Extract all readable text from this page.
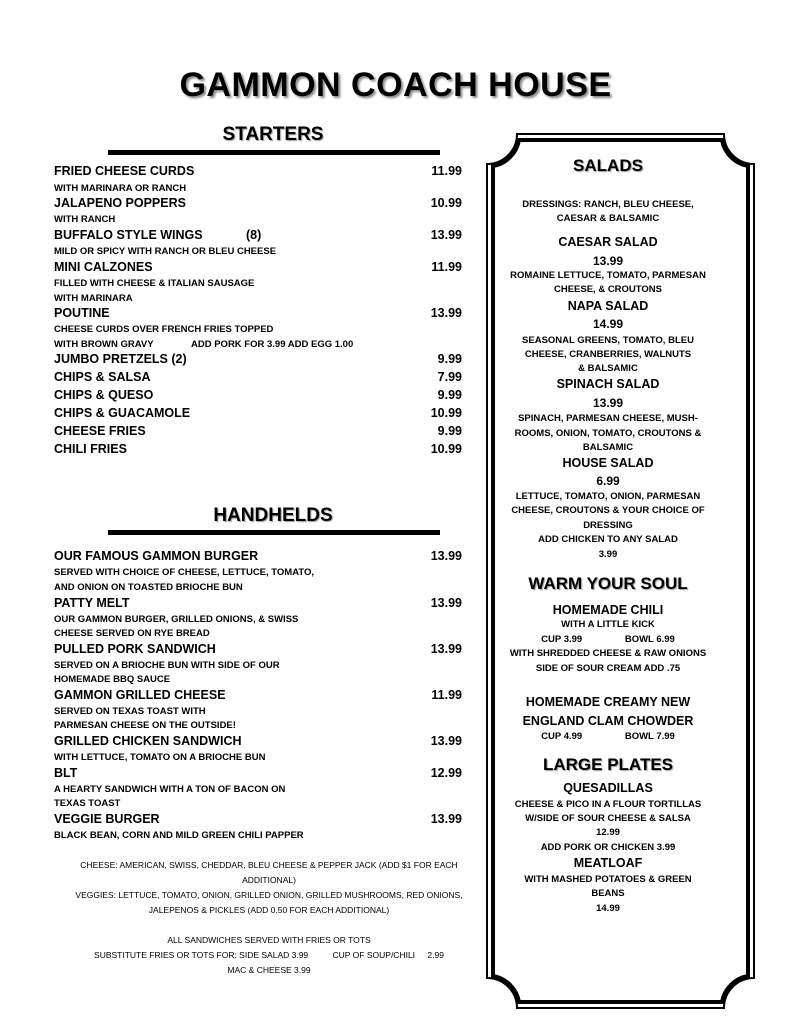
GAMMON COACH HOUSE
STARTERS
FRIED CHEESE CURDS	11.99
WITH MARINARA OR RANCH
JALAPENO POPPERS	10.99
WITH RANCH
BUFFALO STYLE WINGS	(8)	13.99
MILD OR SPICY WITH RANCH OR BLEU CHEESE
MINI CALZONES	11.99
FILLED WITH CHEESE & ITALIAN SAUSAGE
WITH MARINARA
POUTINE	13.99
CHEESE CURDS OVER FRENCH FRIES TOPPED
WITH BROWN GRAVY	ADD PORK FOR 3.99 ADD EGG 1.00
JUMBO PRETZELS (2)	9.99
CHIPS & SALSA	7.99
CHIPS & QUESO	9.99
CHIPS & GUACAMOLE	10.99
CHEESE FRIES	9.99
CHILI FRIES	10.99
HANDHELDS
OUR FAMOUS GAMMON BURGER	13.99
SERVED WITH CHOICE OF CHEESE, LETTUCE, TOMATO,
AND ONION ON TOASTED BRIOCHE BUN
PATTY MELT	13.99
OUR GAMMON BURGER, GRILLED ONIONS, & SWISS
CHEESE SERVED ON RYE BREAD
PULLED PORK SANDWICH	13.99
SERVED ON A BRIOCHE BUN WITH SIDE OF OUR
HOMEMADE BBQ SAUCE
GAMMON GRILLED CHEESE	11.99
SERVED ON TEXAS TOAST WITH
PARMESAN CHEESE ON THE OUTSIDE!
GRILLED CHICKEN SANDWICH	13.99
WITH LETTUCE, TOMATO ON A BRIOCHE BUN
BLT	12.99
A HEARTY SANDWICH WITH A TON OF BACON ON
TEXAS TOAST
VEGGIE BURGER	13.99
BLACK BEAN, CORN AND MILD GREEN CHILI PAPPER
CHEESE: AMERICAN, SWISS, CHEDDAR, BLEU CHEESE & PEPPER JACK (ADD $1 FOR EACH
ADDITIONAL)
VEGGIES: LETTUCE, TOMATO, ONION, GRILLED ONION, GRILLED MUSHROOMS, RED ONIONS,
JALEPENOS & PICKLES (ADD 0.50 FOR EACH ADDITIONAL)
ALL SANDWICHES SERVED WITH FRIES OR TOTS
SUBSTITUTE FRIES OR TOTS FOR: SIDE SALAD 3.99	CUP OF SOUP/CHILI 2.99
MAC & CHEESE 3.99
SALADS
DRESSINGS: RANCH, BLEU CHEESE,
CAESAR & BALSAMIC
CAESAR SALAD
13.99
ROMAINE LETTUCE, TOMATO, PARMESAN
CHEESE, & CROUTONS
NAPA SALAD
14.99
SEASONAL GREENS, TOMATO, BLEU
CHEESE, CRANBERRIES, WALNUTS
& BALSAMIC
SPINACH SALAD
13.99
SPINACH, PARMESAN CHEESE, MUSH-
ROOMS, ONION, TOMATO, CROUTONS &
BALSAMIC
HOUSE SALAD
6.99
LETTUCE, TOMATO, ONION, PARMESAN
CHEESE, CROUTONS & YOUR CHOICE OF
DRESSING
ADD CHICKEN TO ANY SALAD
3.99
WARM YOUR SOUL
HOMEMADE CHILI
WITH A LITTLE KICK
CUP 3.99	BOWL 6.99
WITH SHREDDED CHEESE & RAW ONIONS
SIDE OF SOUR CREAM ADD .75
HOMEMADE CREAMY NEW
ENGLAND CLAM CHOWDER
CUP 4.99	BOWL 7.99
LARGE PLATES
QUESADILLAS
CHEESE & PICO IN A FLOUR TORTILLAS
W/SIDE OF SOUR CHEESE & SALSA
12.99
ADD PORK OR CHICKEN 3.99
MEATLOAF
WITH MASHED POTATOES & GREEN
BEANS
14.99
